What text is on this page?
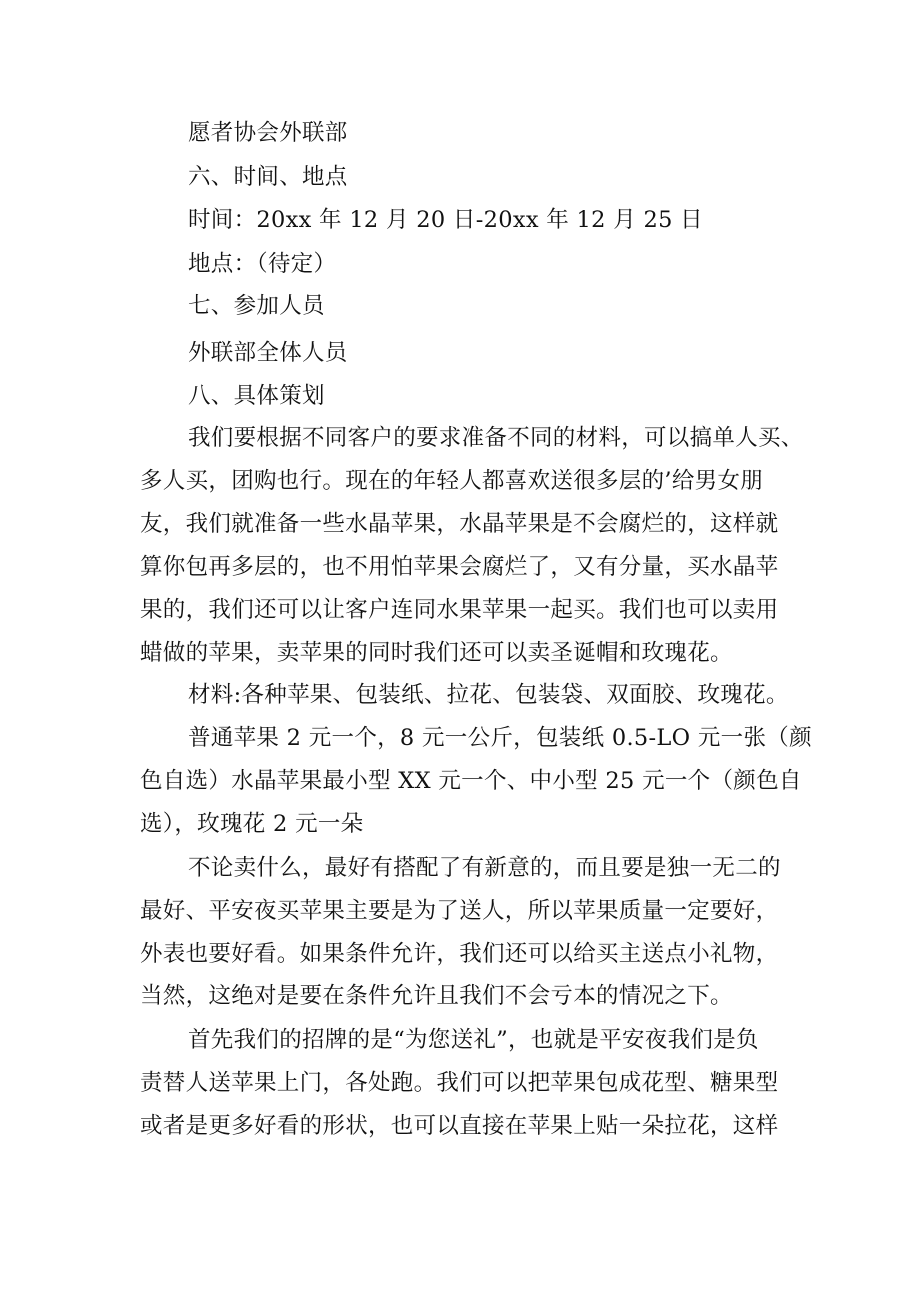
愿者协会外联部
六、时间、地点
时间：20xx 年 12 月 20 日-20xx 年 12 月 25 日
地点：（待定）
七、参加人员
外联部全体人员
八、具体策划
我们要根据不同客户的要求准备不同的材料，可以搞单人买、
多人买，团购也行。现在的年轻人都喜欢送很多层的’给男女朋
友，我们就准备一些水晶苹果，水晶苹果是不会腐烂的，这样就
算你包再多层的，也不用怕苹果会腐烂了，又有分量，买水晶苹
果的，我们还可以让客户连同水果苹果一起买。我们也可以卖用
蜡做的苹果，卖苹果的同时我们还可以卖圣诞帽和玫瑰花。
材料:各种苹果、包装纸、拉花、包装袋、双面胶、玫瑰花。
普通苹果 2 元一个，8 元一公斤，包装纸 0.5-LO 元一张（颜
色自选）水晶苹果最小型 XX 元一个、中小型 25 元一个（颜色自
选），玫瑰花 2 元一朵
不论卖什么，最好有搭配了有新意的，而且要是独一无二的
最好、平安夜买苹果主要是为了送人，所以苹果质量一定要好，
外表也要好看。如果条件允许，我们还可以给买主送点小礼物，
当然，这绝对是要在条件允许且我们不会亏本的情况之下。
首先我们的招牌的是“为您送礼”，也就是平安夜我们是负
责替人送苹果上门，各处跑。我们可以把苹果包成花型、糖果型
或者是更多好看的形状，也可以直接在苹果上贴一朵拉花，这样
